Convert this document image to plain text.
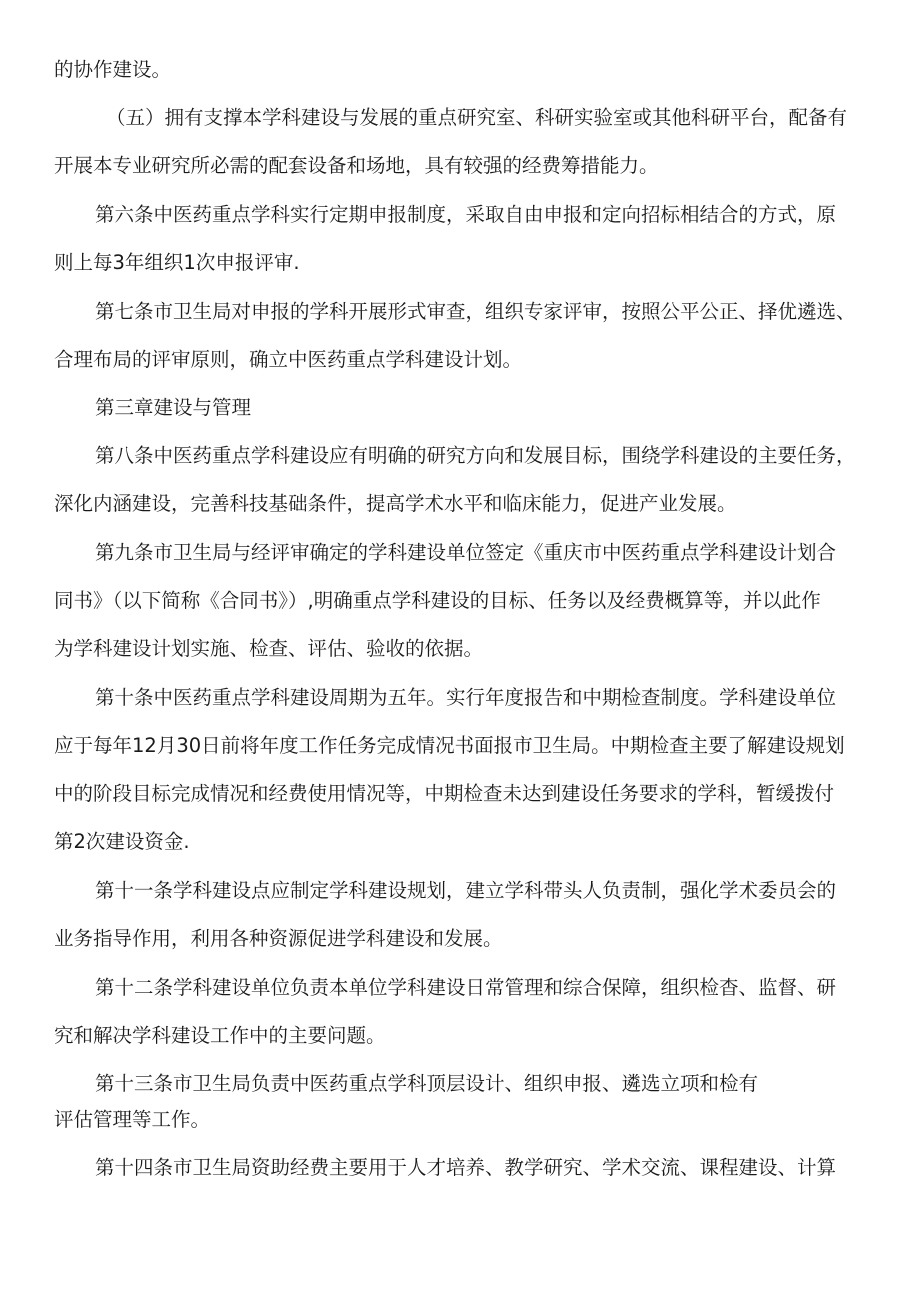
的协作建设。
（五）拥有支撑本学科建设与发展的重点研究室、科研实验室或其他科研平台，配备有
开展本专业研究所必需的配套设备和场地，具有较强的经费筹措能力。
第六条中医药重点学科实行定期申报制度，采取自由申报和定向招标相结合的方式，原
则上每3年组织1次申报评审.
第七条市卫生局对申报的学科开展形式审查，组织专家评审，按照公平公正、择优遴选、
合理布局的评审原则，确立中医药重点学科建设计划。
第三章建设与管理
第八条中医药重点学科建设应有明确的研究方向和发展目标，围绕学科建设的主要任务，
深化内涵建设，完善科技基础条件，提高学术水平和临床能力，促进产业发展。
第九条市卫生局与经评审确定的学科建设单位签定《重庆市中医药重点学科建设计划合
同书》（以下简称《合同书》）,明确重点学科建设的目标、任务以及经费概算等，并以此作
为学科建设计划实施、检查、评估、验收的依据。
第十条中医药重点学科建设周期为五年。实行年度报告和中期检查制度。学科建设单位
应于每年12月30日前将年度工作任务完成情况书面报市卫生局。中期检查主要了解建设规划
中的阶段目标完成情况和经费使用情况等，中期检查未达到建设任务要求的学科，暂缓拨付
第2次建设资金.
第十一条学科建设点应制定学科建设规划，建立学科带头人负责制，强化学术委员会的
业务指导作用，利用各种资源促进学科建设和发展。
第十二条学科建设单位负责本单位学科建设日常管理和综合保障，组织检杳、监督、研
究和解决学科建设工作中的主要问题。
第十三条市卫生局负责中医药重点学科顶层设计、组织申报、遴选立项和检有
评估管理等工作。
第十四条市卫生局资助经费主要用于人才培养、教学研究、学术交流、课程建设、计算
